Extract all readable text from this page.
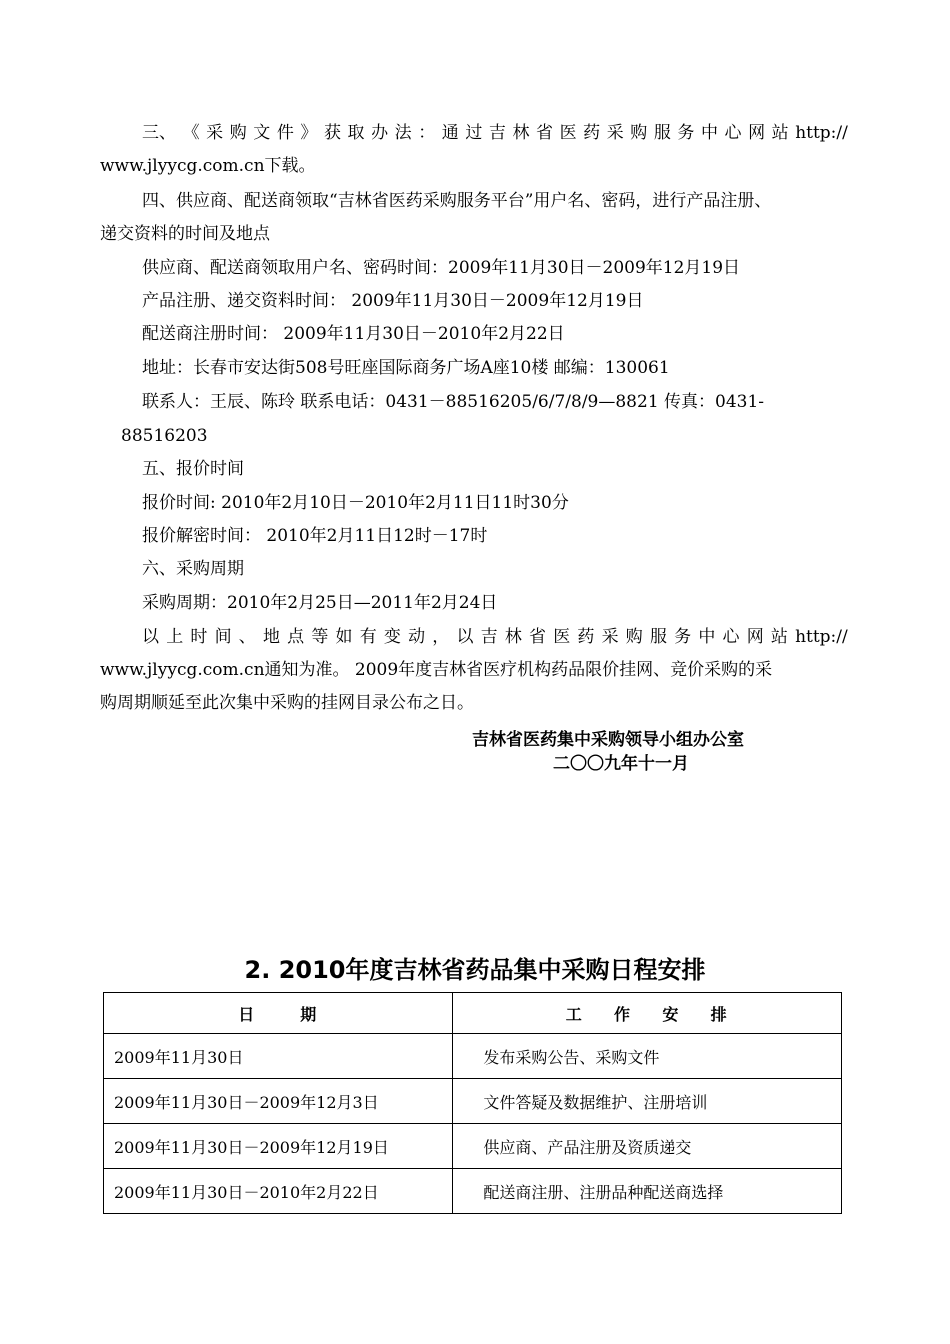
三、 《 采 购 文 件 》 获 取 办 法 ： 通 过 吉 林 省 医 药 采 购 服 务 中 心 网 站 http://
www.jlyycg.com.cn下载。
四、供应商、配送商领取“吉林省医药采购服务平台”用户名、密码，进行产品注册、
递交资料的时间及地点
供应商、配送商领取用户名、密码时间：2009年11月30日－2009年12月19日
产品注册、递交资料时间： 2009年11月30日－2009年12月19日
配送商注册时间： 2009年11月30日－2010年2月22日
地址：长春市安达街508号旺座国际商务广场A座10楼 邮编：130061
联系人：王辰、陈玲 联系电话：0431－88516205/6/7/8/9—8821 传真：0431-
88516203
五、报价时间
报价时间: 2010年2月10日－2010年2月11日11时30分
报价解密时间： 2010年2月11日12时－17时
六、采购周期
采购周期：2010年2月25日—2011年2月24日
以 上 时 间 、 地 点 等 如 有 变 动 ， 以 吉 林 省 医 药 采 购 服 务 中 心 网 站 http://
www.jlyycg.com.cn通知为准。 2009年度吉林省医疗机构药品限价挂网、竞价采购的采
购周期顺延至此次集中采购的挂网目录公布之日。
吉林省医药集中采购领导小组办公室
二〇〇九年十一月
2. 2010年度吉林省药品集中采购日程安排
日 期	工 作 安 排
2009年11月30日	发布采购公告、采购文件
2009年11月30日－2009年12月3日	文件答疑及数据维护、注册培训
2009年11月30日－2009年12月19日	供应商、产品注册及资质递交
2009年11月30日－2010年2月22日	配送商注册、注册品种配送商选择
